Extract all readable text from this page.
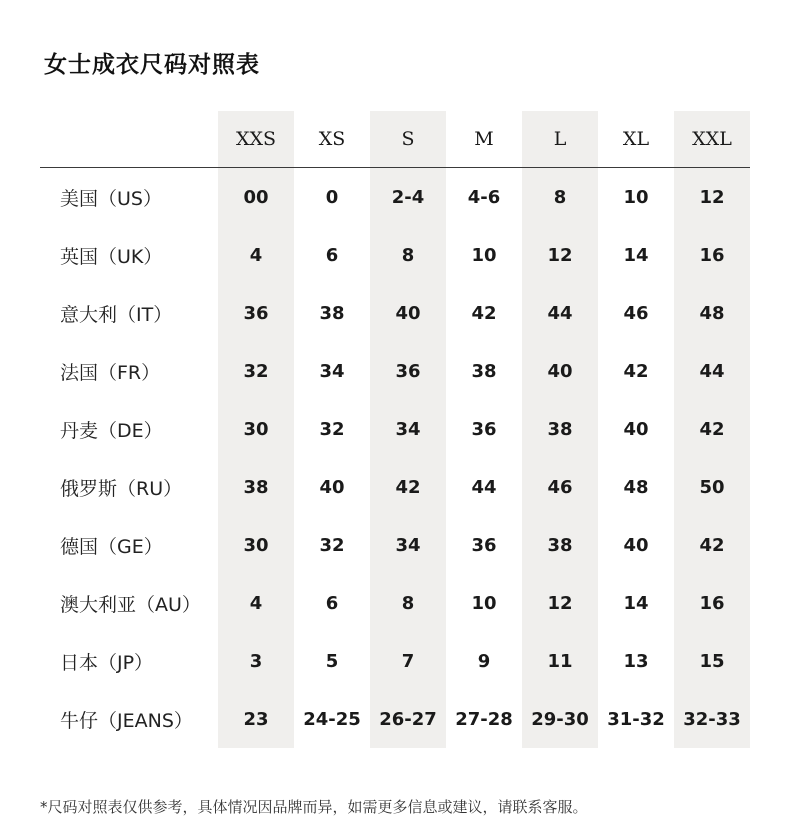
女士成衣尺码对照表
	XXS	XS	S	M	L	XL	XXL
美国（US）	00	0	2-4	4-6	8	10	12
英国（UK）	4	6	8	10	12	14	16
意大利（IT）	36	38	40	42	44	46	48
法国（FR）	32	34	36	38	40	42	44
丹麦（DE）	30	32	34	36	38	40	42
俄罗斯（RU）	38	40	42	44	46	48	50
德国（GE）	30	32	34	36	38	40	42
澳大利亚（AU）	4	6	8	10	12	14	16
日本（JP）	3	5	7	9	11	13	15
牛仔（JEANS）	23	24-25	26-27	27-28	29-30	31-32	32-33
*尺码对照表仅供参考，具体情况因品牌而异，如需更多信息或建议，请联系客服。
